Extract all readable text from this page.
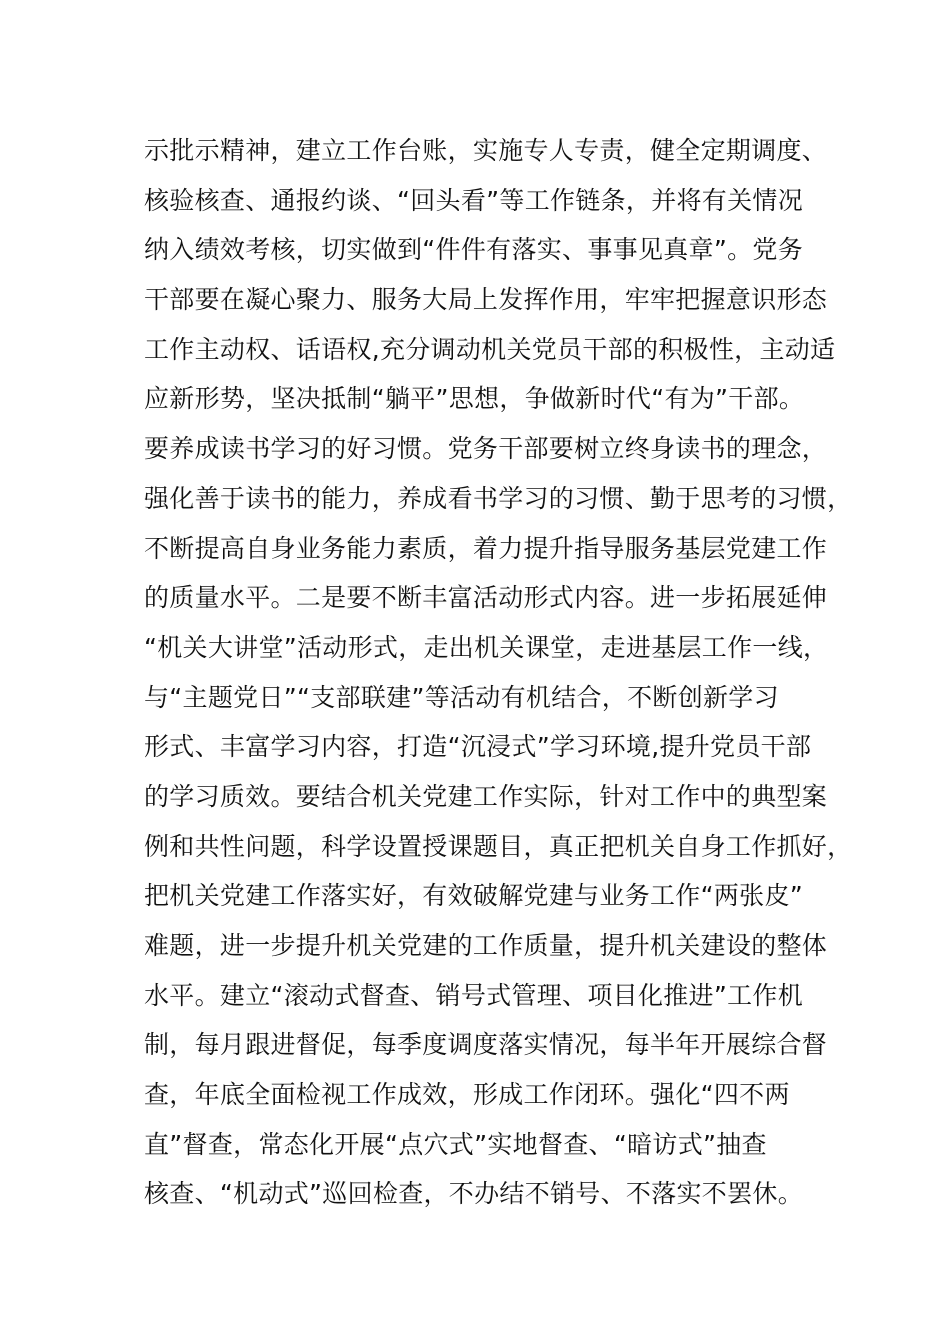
示批示精神，建立工作台账，实施专人专责，健全定期调度、
核验核查、通报约谈、“回头看”等工作链条，并将有关情况
纳入绩效考核，切实做到“件件有落实、事事见真章”。党务
干部要在凝心聚力、服务大局上发挥作用，牢牢把握意识形态
工作主动权、话语权,充分调动机关党员干部的积极性，主动适
应新形势，坚决抵制“躺平”思想，争做新时代“有为”干部。
要养成读书学习的好习惯。党务干部要树立终身读书的理念，
强化善于读书的能力，养成看书学习的习惯、勤于思考的习惯，
不断提高自身业务能力素质，着力提升指导服务基层党建工作
的质量水平。二是要不断丰富活动形式内容。进一步拓展延伸
“机关大讲堂”活动形式，走出机关课堂，走进基层工作一线，
与“主题党日”“支部联建”等活动有机结合，不断创新学习
形式、丰富学习内容，打造“沉浸式”学习环境,提升党员干部
的学习质效。要结合机关党建工作实际，针对工作中的典型案
例和共性问题，科学设置授课题目，真正把机关自身工作抓好，
把机关党建工作落实好，有效破解党建与业务工作“两张皮”
难题，进一步提升机关党建的工作质量，提升机关建设的整体
水平。建立“滚动式督查、销号式管理、项目化推进”工作机
制，每月跟进督促，每季度调度落实情况，每半年开展综合督
查，年底全面检视工作成效，形成工作闭环。强化“四不两
直”督查，常态化开展“点穴式”实地督查、“暗访式”抽查
核查、“机动式”巡回检查，不办结不销号、不落实不罢休。
